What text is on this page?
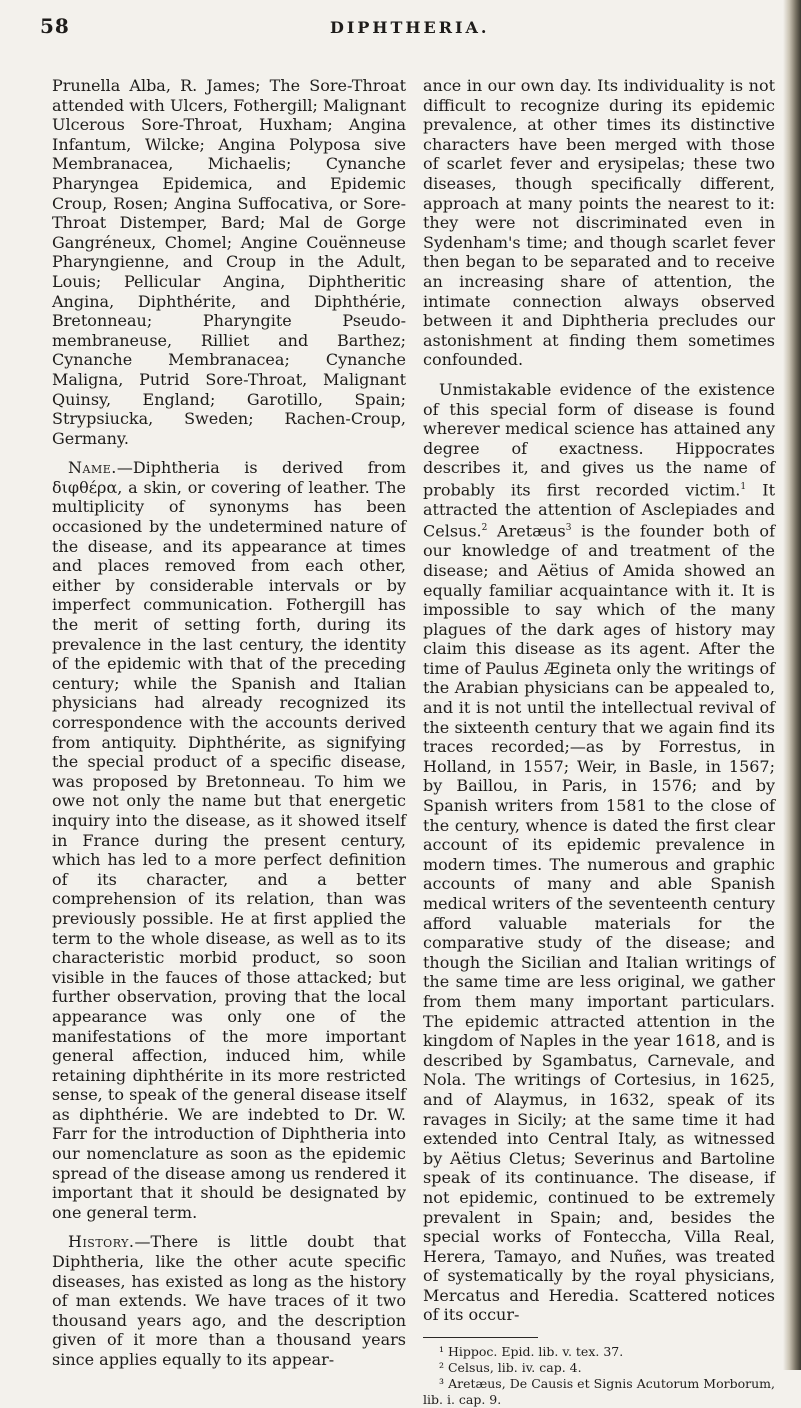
58	DIPHTHERIA.

Prunella Alba, R. James; The Sore-Throat attended with Ulcers, Fothergill; Malignant Ulcerous Sore-Throat, Huxham; Angina Infantum, Wilcke; Angina Polyposa sive Membranacea, Michaelis; Cynanche Pharyngea Epidemica, and Epidemic Croup, Rosen; Angina Suffocativa, or Sore-Throat Distemper, Bard; Mal de Gorge Gangréneux, Chomel; Angine Couënneuse Pharyngienne, and Croup in the Adult, Louis; Pellicular Angina, Diphtheritic Angina, Diphthérite, and Diphthérie, Bretonneau; Pharyngite Pseudo-membraneuse, Rilliet and Barthez; Cynanche Membranacea; Cynanche Maligna, Putrid Sore-Throat, Malignant Quinsy, England; Garotillo, Spain; Strypsiucka, Sweden; Rachen-Croup, Germany.

Name.—Diphtheria is derived from διφθέρα, a skin, or covering of leather. The multiplicity of synonyms has been occasioned by the undetermined nature of the disease, and its appearance at times and places removed from each other, either by considerable intervals or by imperfect communication. Fothergill has the merit of setting forth, during its prevalence in the last century, the identity of the epidemic with that of the preceding century; while the Spanish and Italian physicians had already recognized its correspondence with the accounts derived from antiquity. Diphthérite, as signifying the special product of a specific disease, was proposed by Bretonneau. To him we owe not only the name but that energetic inquiry into the disease, as it showed itself in France during the present century, which has led to a more perfect definition of its character, and a better comprehension of its relation, than was previously possible. He at first applied the term to the whole disease, as well as to its characteristic morbid product, so soon visible in the fauces of those attacked; but further observation, proving that the local appearance was only one of the manifestations of the more important general affection, induced him, while retaining diphthérite in its more restricted sense, to speak of the general disease itself as diphthérie. We are indebted to Dr. W. Farr for the introduction of Diphtheria into our nomenclature as soon as the epidemic spread of the disease among us rendered it important that it should be designated by one general term.

History.—There is little doubt that Diphtheria, like the other acute specific diseases, has existed as long as the history of man extends. We have traces of it two thousand years ago, and the description given of it more than a thousand years since applies equally to its appear-

ance in our own day. Its individuality is not difficult to recognize during its epidemic prevalence, at other times its distinctive characters have been merged with those of scarlet fever and erysipelas; these two diseases, though specifically different, approach at many points the nearest to it: they were not discriminated even in Sydenham's time; and though scarlet fever then began to be separated and to receive an increasing share of attention, the intimate connection always observed between it and Diphtheria precludes our astonishment at finding them sometimes confounded.

Unmistakable evidence of the existence of this special form of disease is found wherever medical science has attained any degree of exactness. Hippocrates describes it, and gives us the name of probably its first recorded victim.$^1$ It attracted the attention of Asclepiades and Celsus.$^2$ Aretæus$^3$ is the founder both of our knowledge of and treatment of the disease; and Aëtius of Amida showed an equally familiar acquaintance with it. It is impossible to say which of the many plagues of the dark ages of history may claim this disease as its agent. After the time of Paulus Ægineta only the writings of the Arabian physicians can be appealed to, and it is not until the intellectual revival of the sixteenth century that we again find its traces recorded;—as by Forrestus, in Holland, in 1557; Weir, in Basle, in 1567; by Baillou, in Paris, in 1576; and by Spanish writers from 1581 to the close of the century, whence is dated the first clear account of its epidemic prevalence in modern times. The numerous and graphic accounts of many and able Spanish medical writers of the seventeenth century afford valuable materials for the comparative study of the disease; and though the Sicilian and Italian writings of the same time are less original, we gather from them many important particulars. The epidemic attracted attention in the kingdom of Naples in the year 1618, and is described by Sgambatus, Carnevale, and Nola. The writings of Cortesius, in 1625, and of Alaymus, in 1632, speak of its ravages in Sicily; at the same time it had extended into Central Italy, as witnessed by Aëtius Cletus; Severinus and Bartoline speak of its continuance. The disease, if not epidemic, continued to be extremely prevalent in Spain; and, besides the special works of Fonteccha, Villa Real, Herera, Tamayo, and Nuñes, was treated of systematically by the royal physicians, Mercatus and Heredia. Scattered notices of its occur-

¹ Hippoc. Epid. lib. v. tex. 37.
² Celsus, lib. iv. cap. 4.
³ Aretæus, De Causis et Signis Acutorum Morborum, lib. i. cap. 9.
